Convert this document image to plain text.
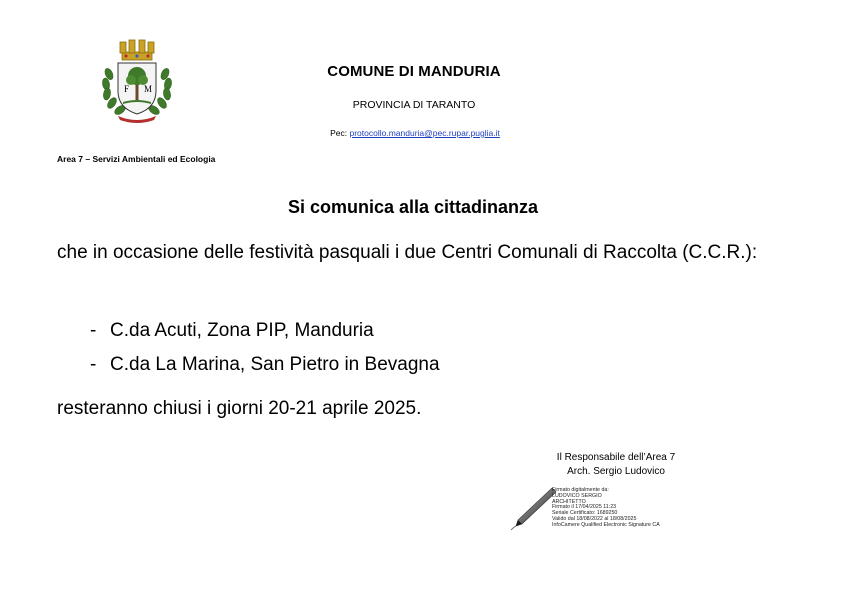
F M
COMUNE DI MANDURIA
PROVINCIA DI TARANTO
Pec: protocollo.manduria@pec.rupar.puglia.it
Area 7 – Servizi Ambientali ed Ecologia
Si comunica alla cittadinanza
che in occasione delle festività pasquali i due Centri Comunali di Raccolta (C.C.R.):
- C.da Acuti, Zona PIP, Manduria
- C.da La Marina, San Pietro in Bevagna
resteranno chiusi i giorni 20-21 aprile 2025.
Il Responsabile dell’Area 7
Arch. Sergio Ludovico
Firmato digitalmente da:
LUDOVICO SERGIO
ARCHITETTO
Firmato il 17/04/2025 11:23
Seriale Certificato: 1689250
Valido dal 18/08/2022 al 18/08/2025
InfoCamere Qualified Electronic Signature CA
